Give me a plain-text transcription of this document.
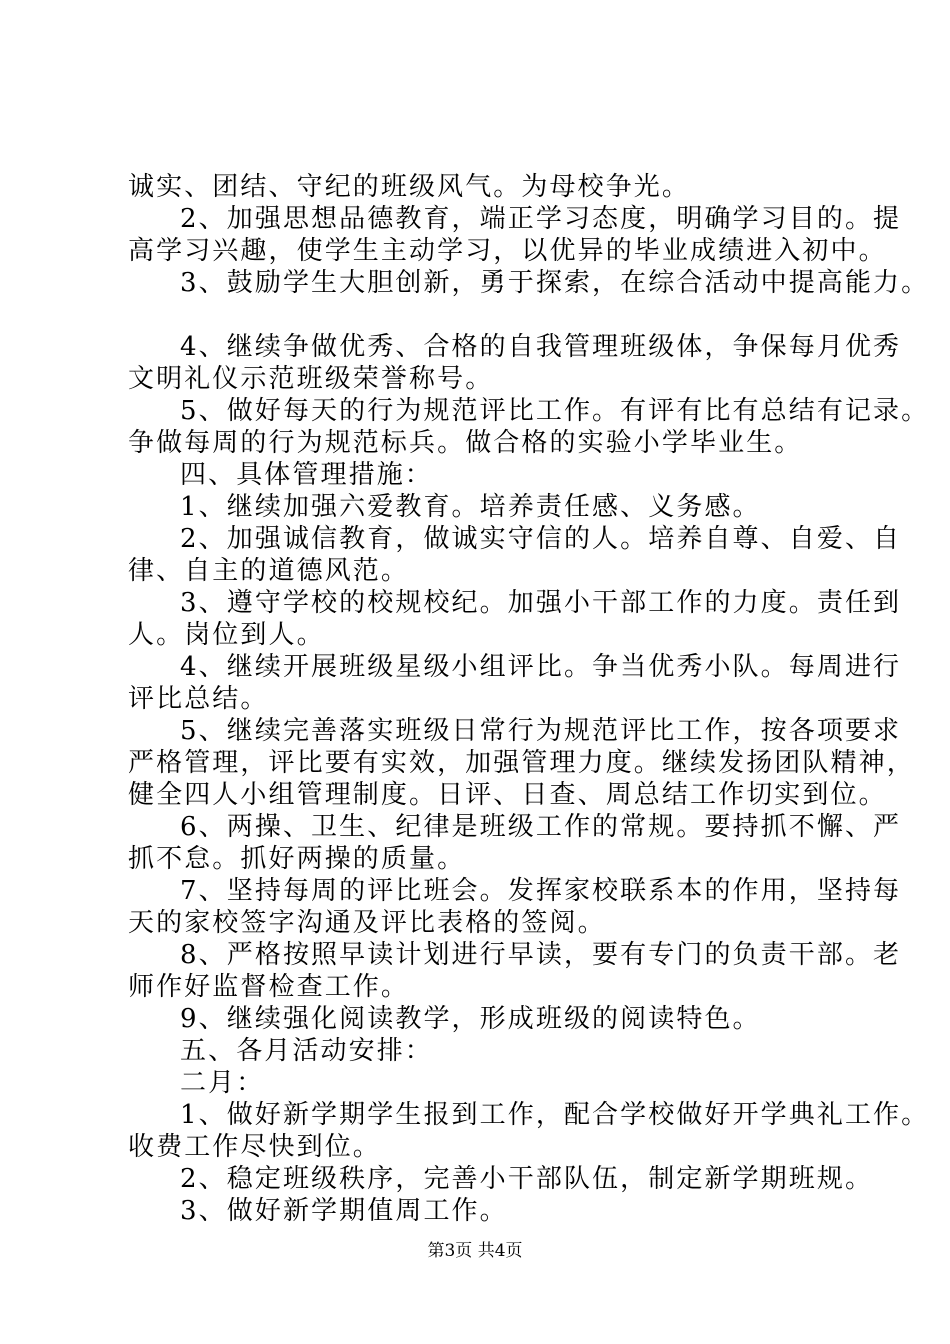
诚实、团结、守纪的班级风气。为母校争光。
2、加强思想品德教育，端正学习态度，明确学习目的。提
高学习兴趣，使学生主动学习，以优异的毕业成绩进入初中。
3、鼓励学生大胆创新，勇于探索，在综合活动中提高能力。
4、继续争做优秀、合格的自我管理班级体，争保每月优秀
文明礼仪示范班级荣誉称号。
5、做好每天的行为规范评比工作。有评有比有总结有记录。
争做每周的行为规范标兵。做合格的实验小学毕业生。
四、具体管理措施：
1、继续加强六爱教育。培养责任感、义务感。
2、加强诚信教育，做诚实守信的人。培养自尊、自爱、自
律、自主的道德风范。
3、遵守学校的校规校纪。加强小干部工作的力度。责任到
人。岗位到人。
4、继续开展班级星级小组评比。争当优秀小队。每周进行
评比总结。
5、继续完善落实班级日常行为规范评比工作，按各项要求
严格管理，评比要有实效，加强管理力度。继续发扬团队精神，
健全四人小组管理制度。日评、日查、周总结工作切实到位。
6、两操、卫生、纪律是班级工作的常规。要持抓不懈、严
抓不怠。抓好两操的质量。
7、坚持每周的评比班会。发挥家校联系本的作用，坚持每
天的家校签字沟通及评比表格的签阅。
8、严格按照早读计划进行早读，要有专门的负责干部。老
师作好监督检查工作。
9、继续强化阅读教学，形成班级的阅读特色。
五、各月活动安排：
二月：
1、做好新学期学生报到工作，配合学校做好开学典礼工作。
收费工作尽快到位。
2、稳定班级秩序，完善小干部队伍，制定新学期班规。
3、做好新学期值周工作。
第3页 共4页
